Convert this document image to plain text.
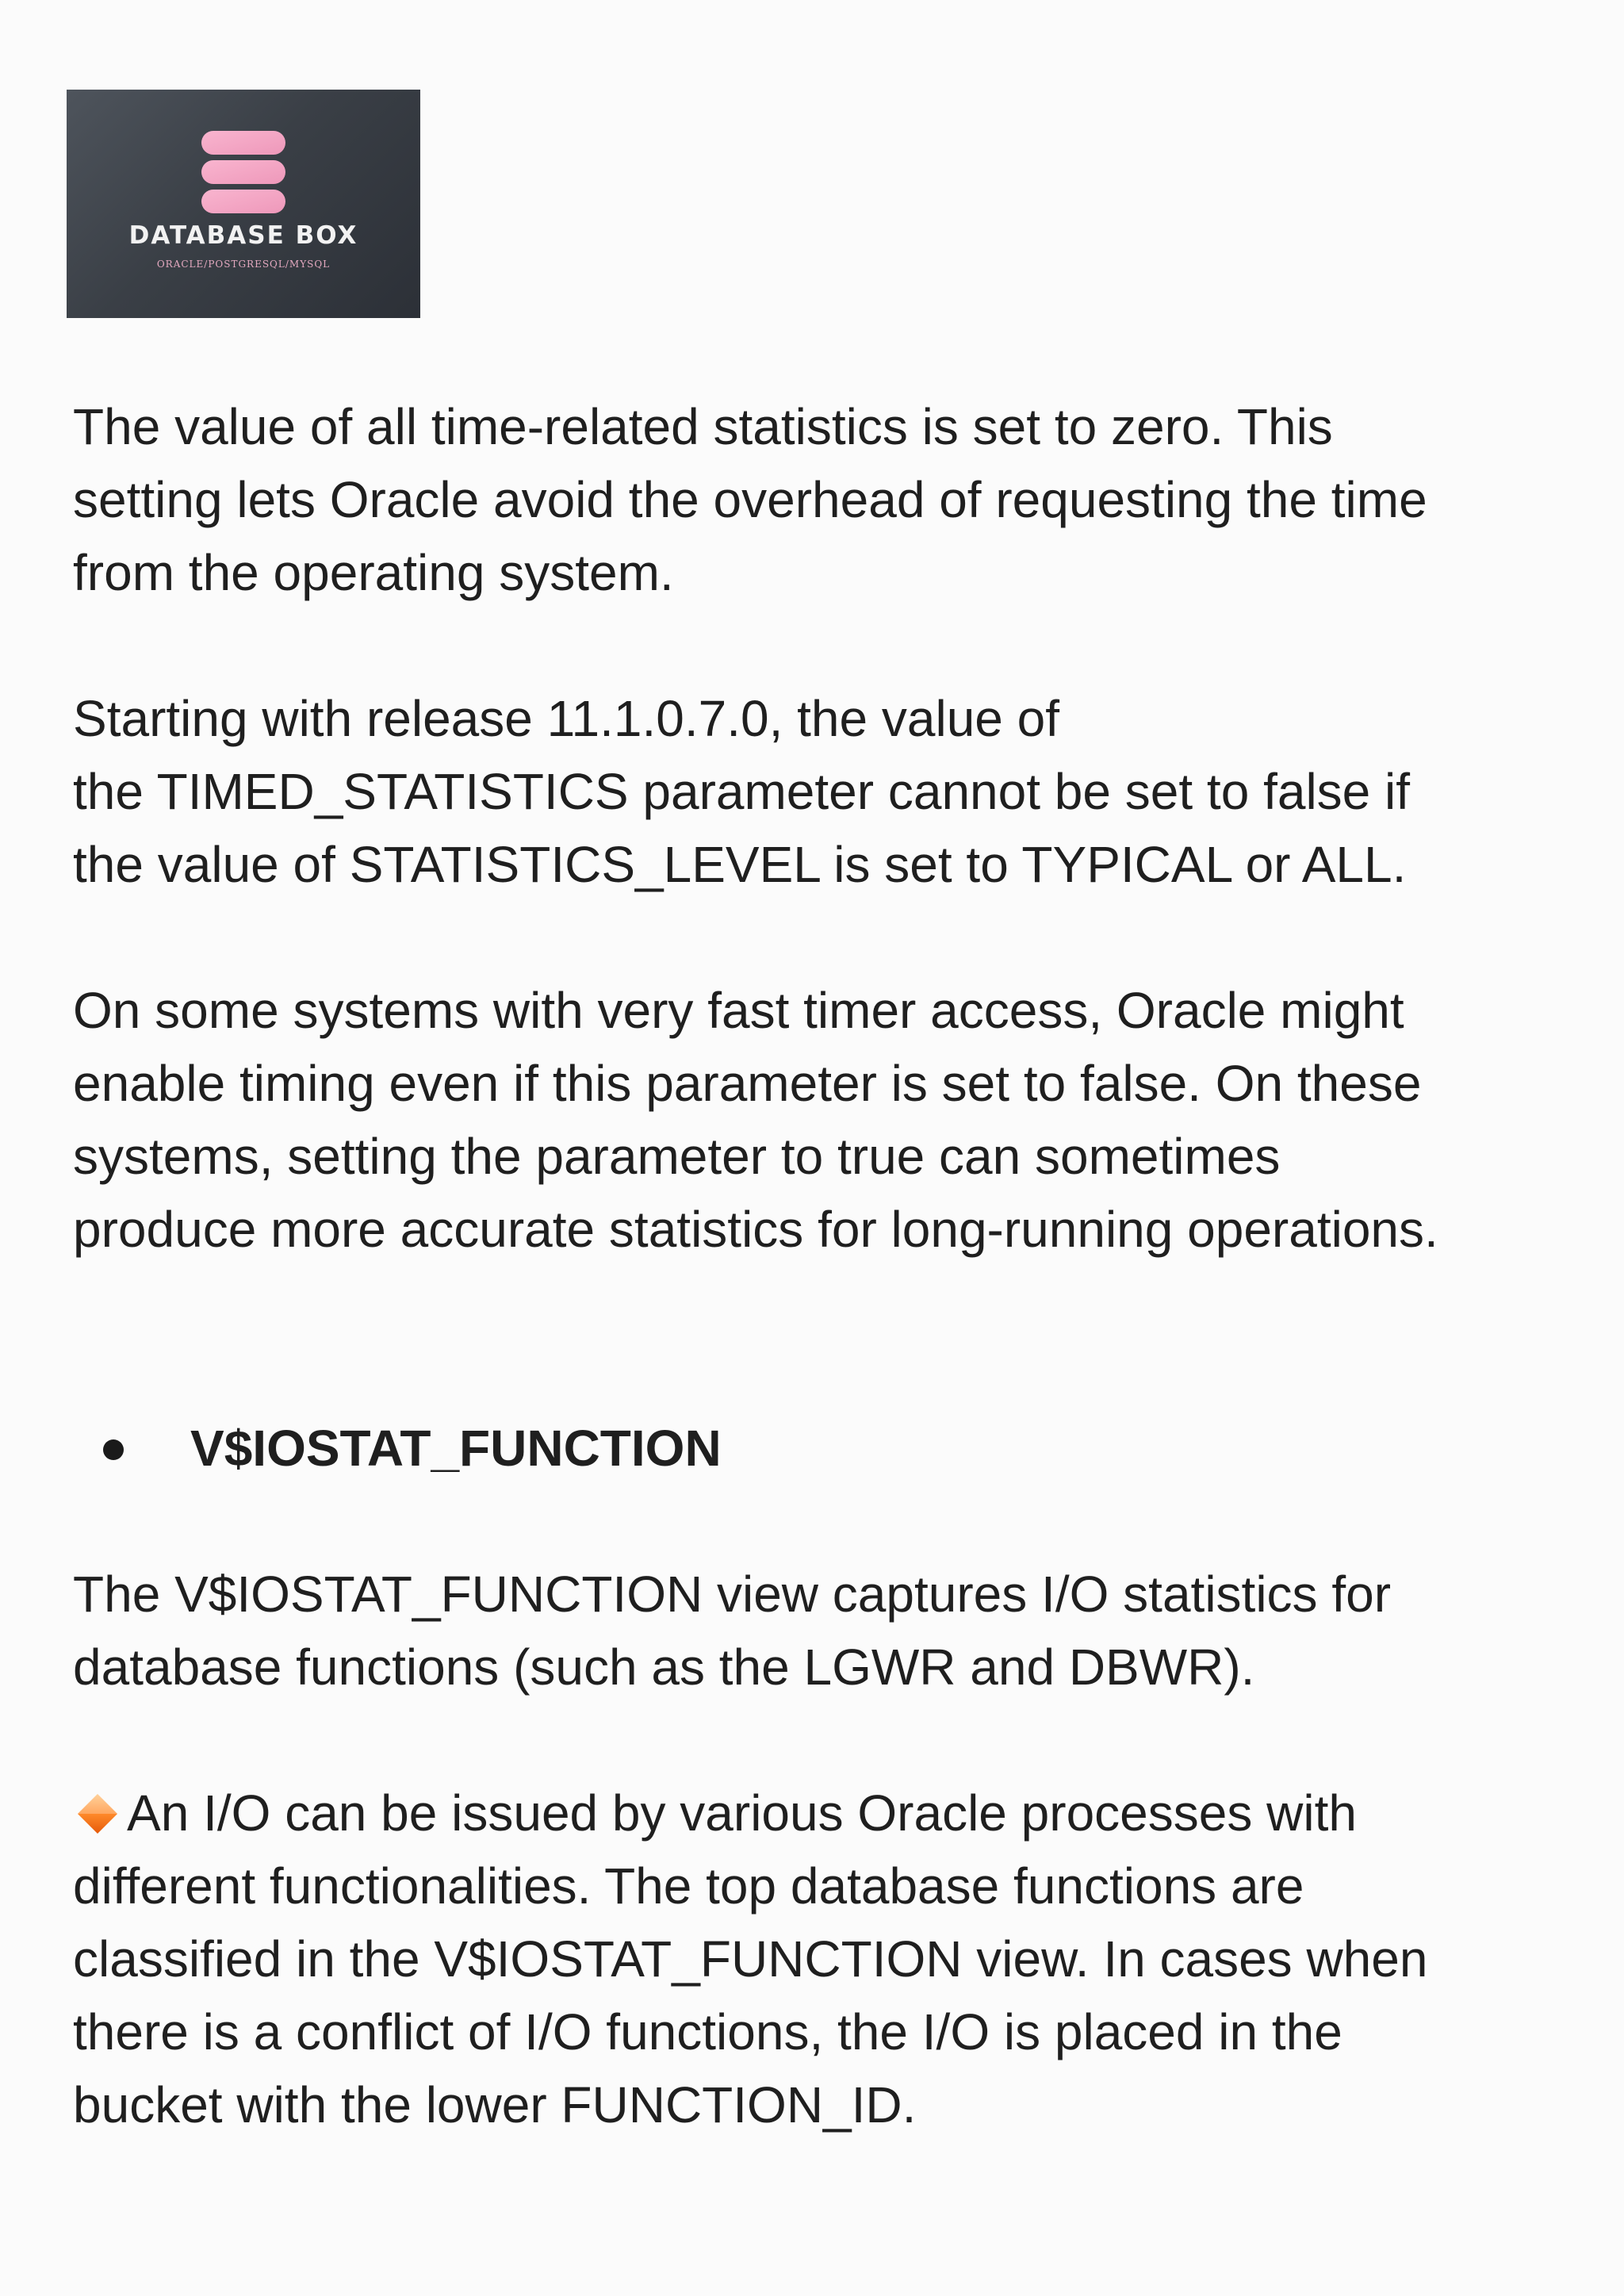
DATABASE BOX
ORACLE/POSTGRESQL/MYSQL

The value of all time-related statistics is set to zero. This

setting lets Oracle avoid the overhead of requesting the time

from the operating system.

Starting with release 11.1.0.7.0, the value of

the TIMED_STATISTICS parameter cannot be set to false if

the value of STATISTICS_LEVEL is set to TYPICAL or ALL.

On some systems with very fast timer access, Oracle might

enable timing even if this parameter is set to false. On these

systems, setting the parameter to true can sometimes

produce more accurate statistics for long-running operations.

V$IOSTAT_FUNCTION

The V$IOSTAT_FUNCTION view captures I/O statistics for

database functions (such as the LGWR and DBWR).

An I/O can be issued by various Oracle processes with

different functionalities. The top database functions are

classified in the V$IOSTAT_FUNCTION view. In cases when

there is a conflict of I/O functions, the I/O is placed in the

bucket with the lower FUNCTION_ID.
